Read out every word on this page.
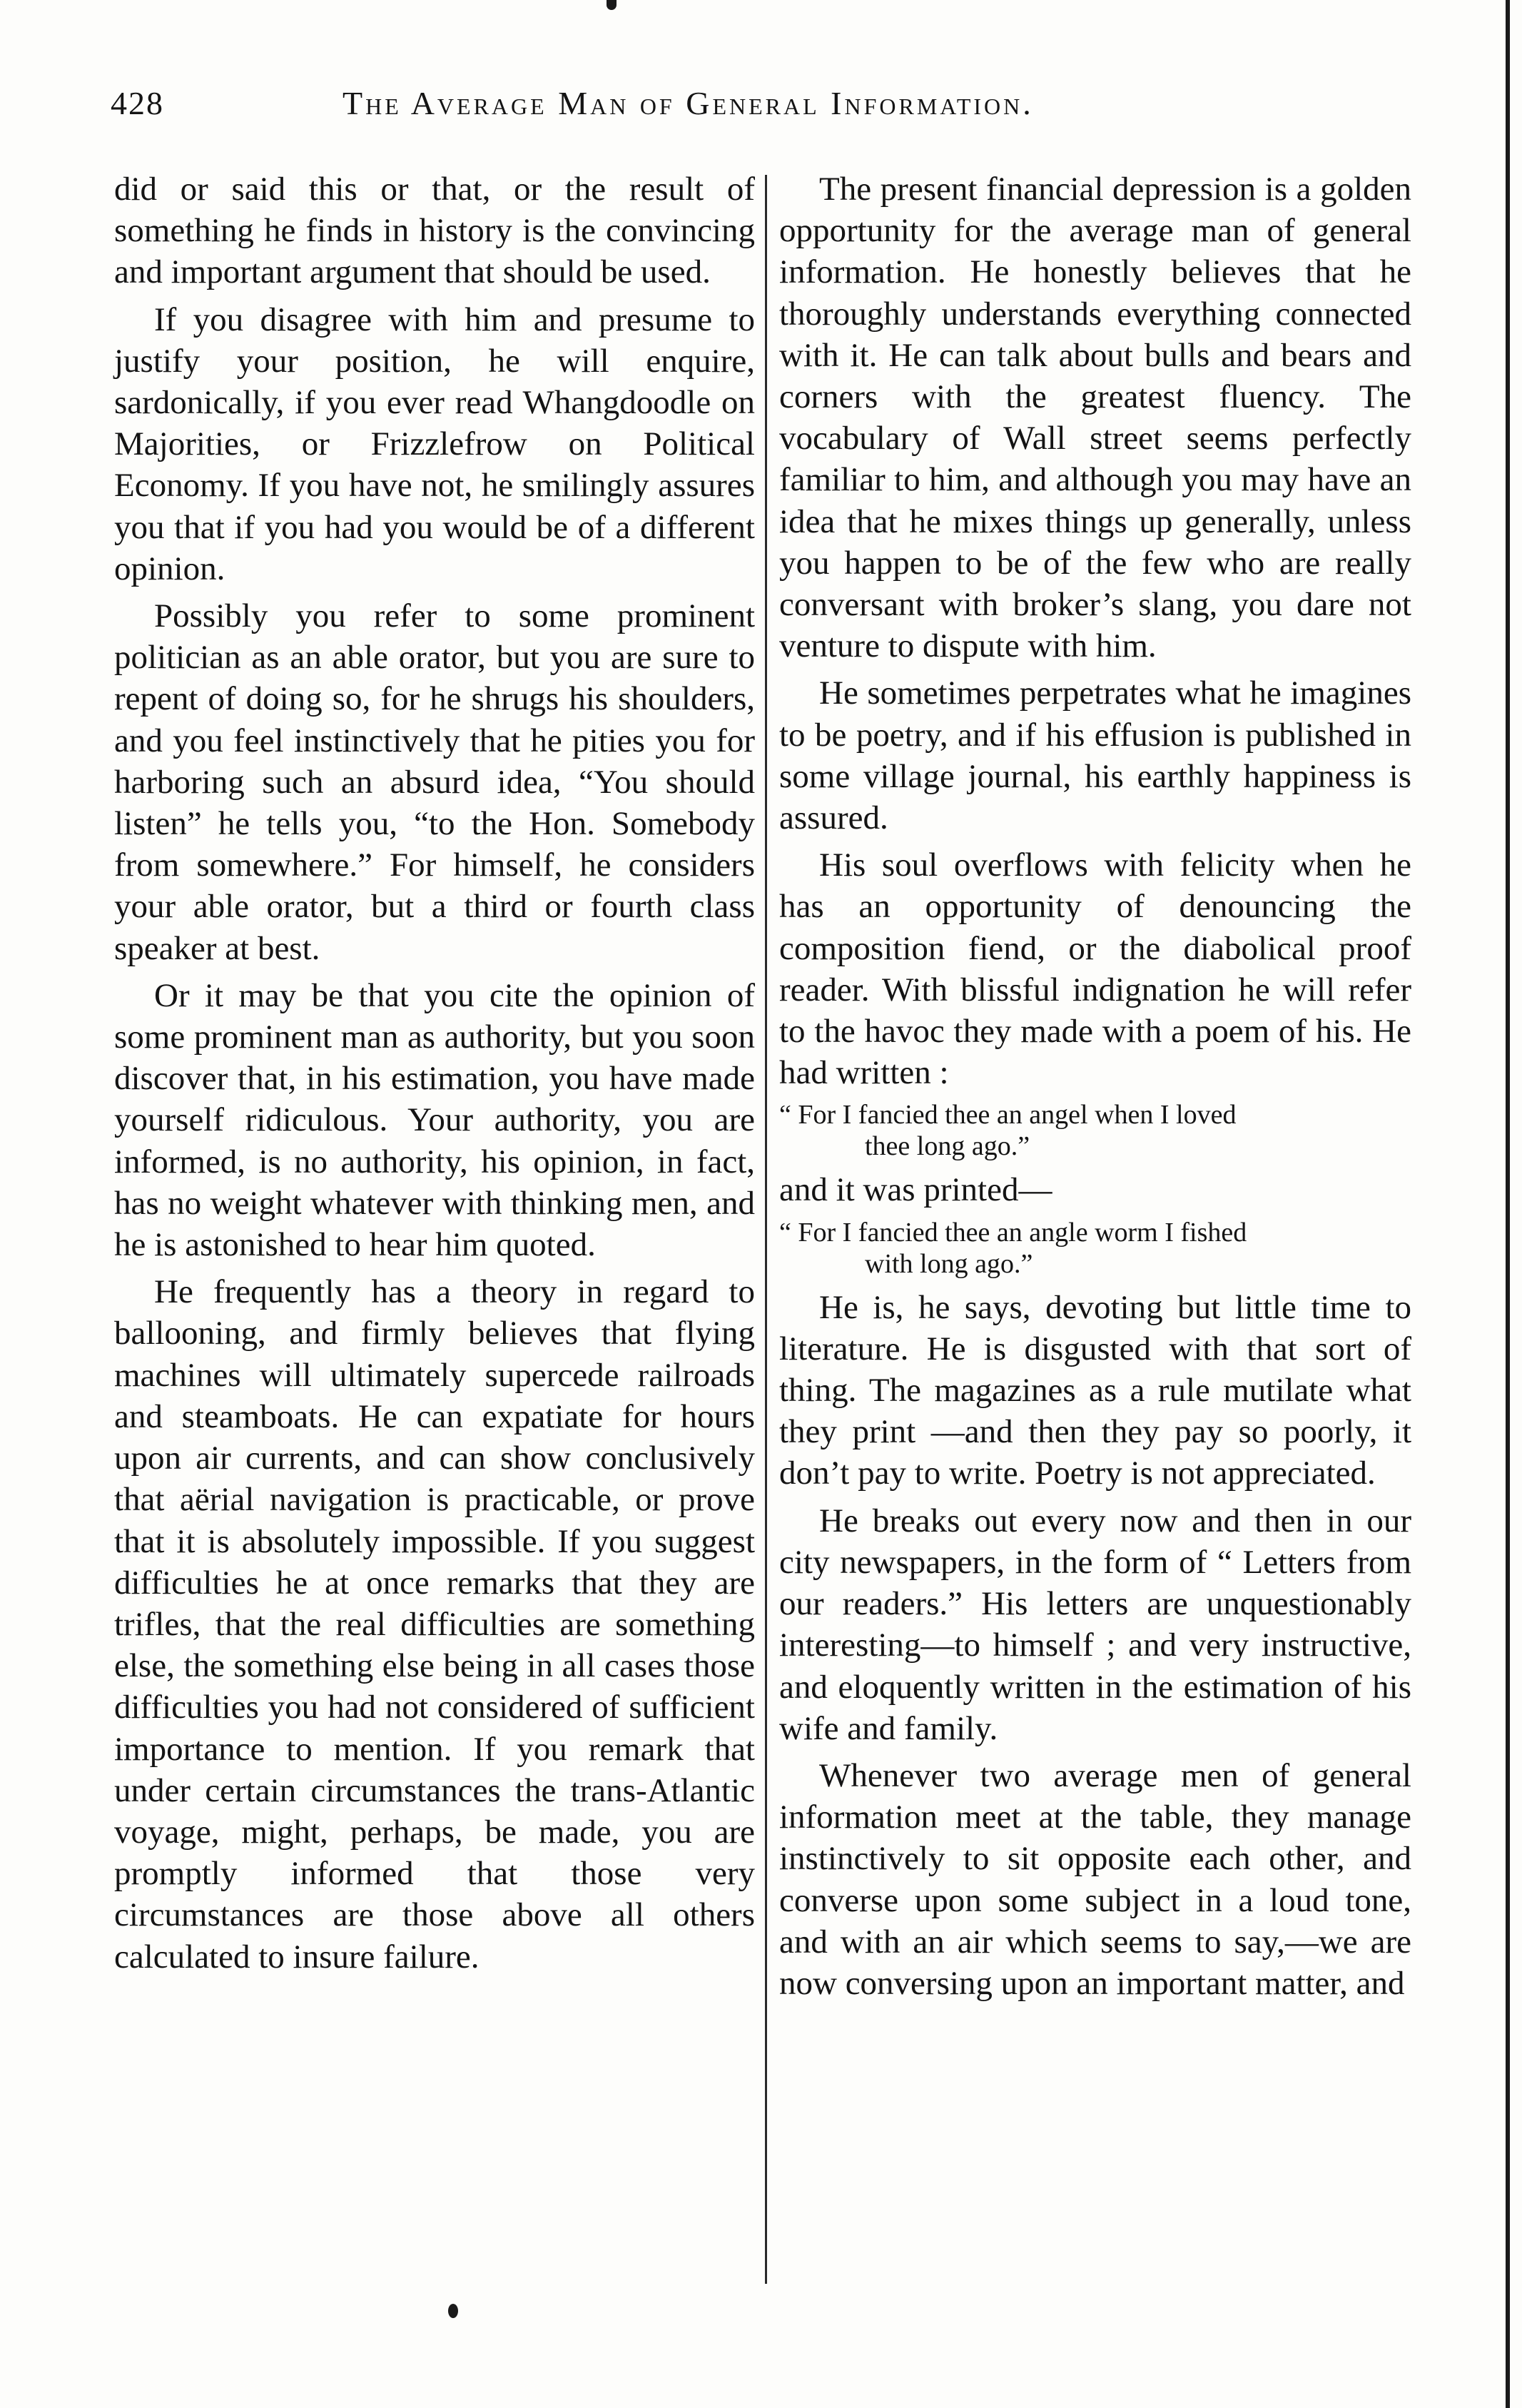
428	The Average Man of General Information.

did or said this or that, or the result of something he finds in history is the convincing and important argument that should be used.

If you disagree with him and presume to justify your position, he will enquire, sardonically, if you ever read Whangdoodle on Majorities, or Frizzlefrow on Political Economy. If you have not, he smilingly assures you that if you had you would be of a different opinion.

Possibly you refer to some prominent politician as an able orator, but you are sure to repent of doing so, for he shrugs his shoulders, and you feel instinctively that he pities you for harboring such an absurd idea, “You should listen” he tells you, “to the Hon. Somebody from somewhere.” For himself, he considers your able orator, but a third or fourth class speaker at best.

Or it may be that you cite the opinion of some prominent man as authority, but you soon discover that, in his estimation, you have made yourself ridiculous. Your authority, you are informed, is no authority, his opinion, in fact, has no weight whatever with thinking men, and he is astonished to hear him quoted.

He frequently has a theory in regard to ballooning, and firmly believes that flying machines will ultimately supercede railroads and steamboats. He can expatiate for hours upon air currents, and can show conclusively that aërial navigation is practicable, or prove that it is absolutely impossible. If you suggest difficulties he at once remarks that they are trifles, that the real difficulties are something else, the something else being in all cases those difficulties you had not considered of sufficient importance to mention. If you remark that under certain circumstances the trans-Atlantic voyage, might, perhaps, be made, you are promptly informed that those very circumstances are those above all others calculated to insure failure.

The present financial depression is a golden opportunity for the average man of general information. He honestly believes that he thoroughly understands everything connected with it. He can talk about bulls and bears and corners with the greatest fluency. The vocabulary of Wall street seems perfectly familiar to him, and although you may have an idea that he mixes things up generally, unless you happen to be of the few who are really conversant with broker’s slang, you dare not venture to dispute with him.

He sometimes perpetrates what he imagines to be poetry, and if his effusion is published in some village journal, his earthly happiness is assured.

His soul overflows with felicity when he has an opportunity of denouncing the composition fiend, or the diabolical proof reader. With blissful indignation he will refer to the havoc they made with a poem of his. He had written :

“ For I fancied thee an angel when I loved
thee long ago.”

and it was printed—

“ For I fancied thee an angle worm I fished
with long ago.”

He is, he says, devoting but little time to literature. He is disgusted with that sort of thing. The magazines as a rule mutilate what they print —and then they pay so poorly, it don’t pay to write. Poetry is not appreciated.

He breaks out every now and then in our city newspapers, in the form of “ Letters from our readers.” His letters are unquestionably interesting—to himself ; and very instructive, and eloquently written in the estimation of his wife and family.

Whenever two average men of general information meet at the table, they manage instinctively to sit opposite each other, and converse upon some subject in a loud tone, and with an air which seems to say,—we are now conversing upon an important matter, and
